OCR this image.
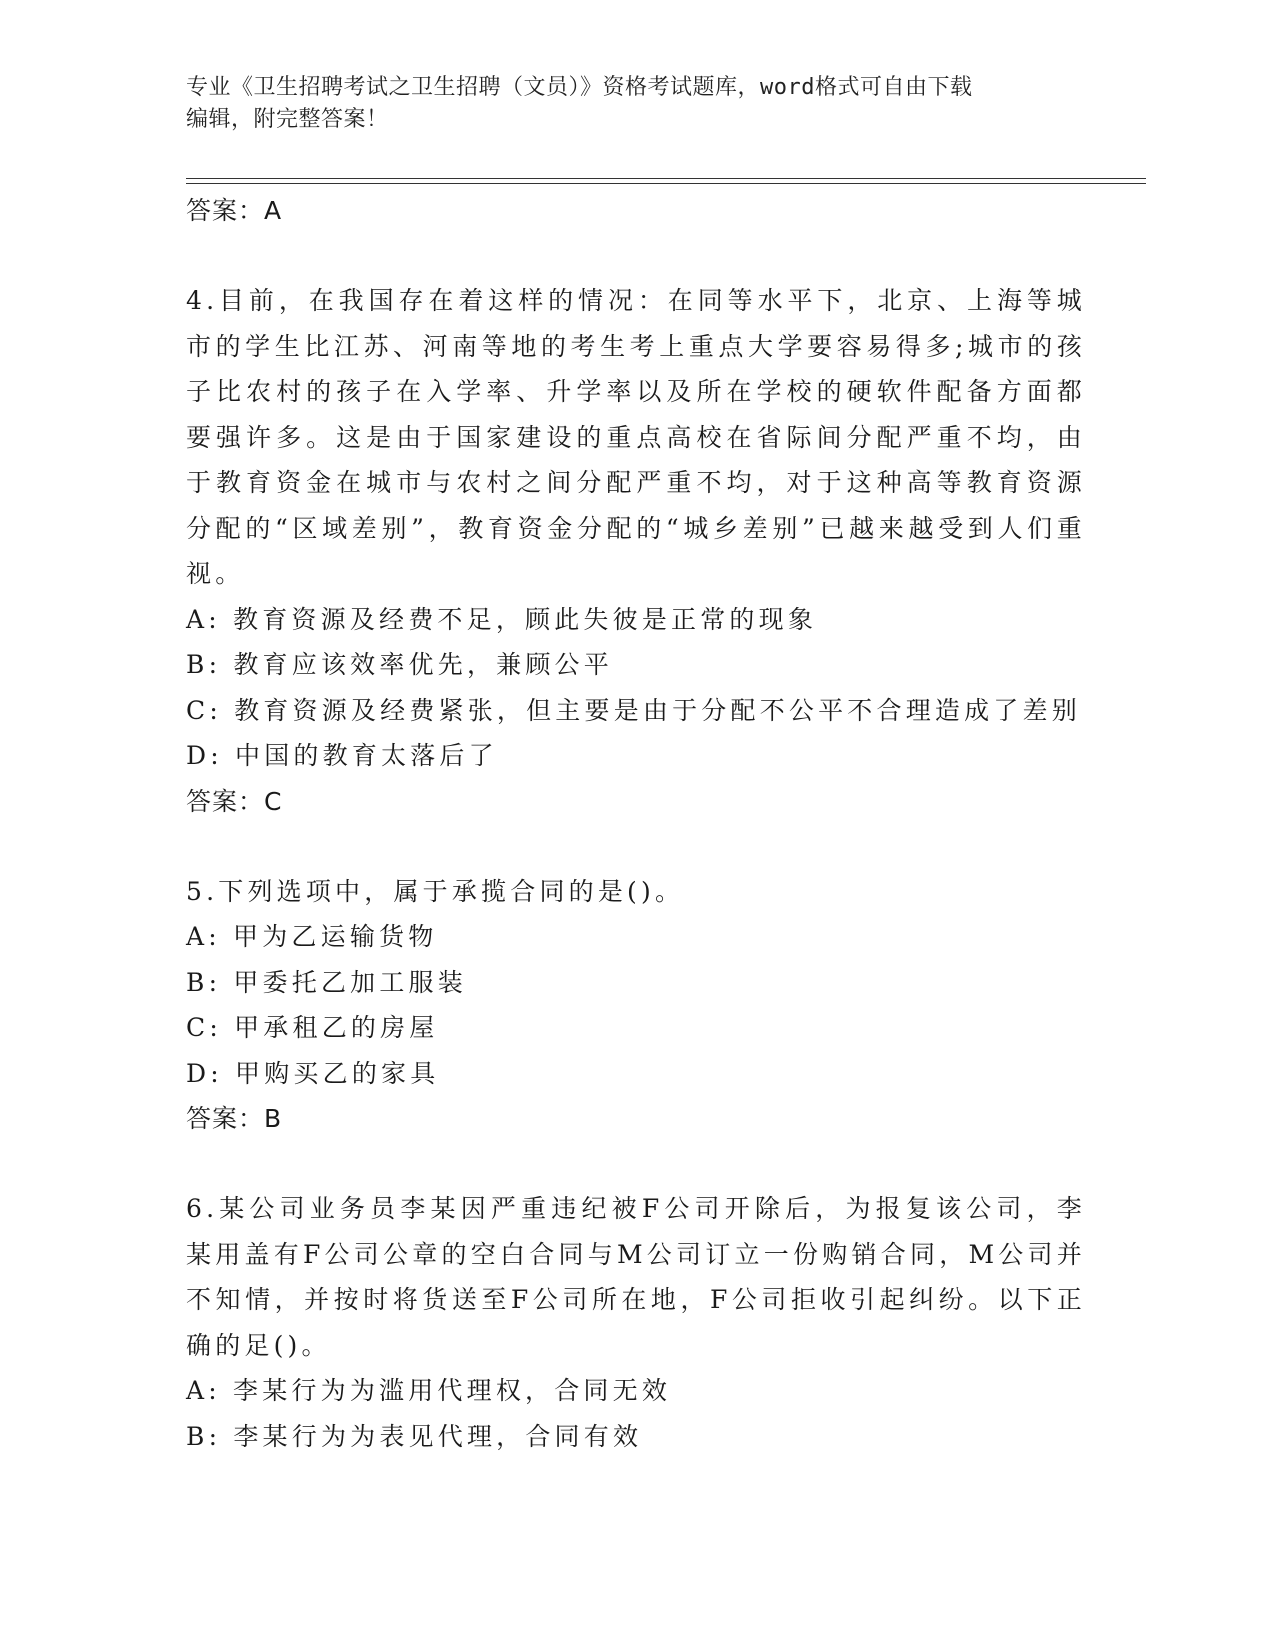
专业《卫生招聘考试之卫生招聘（文员）》资格考试题库，word格式可自由下载
编辑，附完整答案！

答案：A

4.目前，在我国存在着这样的情况：在同等水平下，北京、上海等城市的学生比江苏、河南等地的考生考上重点大学要容易得多;城市的孩子比农村的孩子在入学率、升学率以及所在学校的硬软件配备方面都要强许多。这是由于国家建设的重点高校在省际间分配严重不均，由于教育资金在城市与农村之间分配严重不均，对于这种高等教育资源分配的“区域差别”，教育资金分配的“城乡差别”已越来越受到人们重视。

A: 教育资源及经费不足，顾此失彼是正常的现象

B: 教育应该效率优先，兼顾公平

C: 教育资源及经费紧张，但主要是由于分配不公平不合理造成了差别

D: 中国的教育太落后了

答案：C

5.下列选项中，属于承揽合同的是()。

A: 甲为乙运输货物

B: 甲委托乙加工服装

C: 甲承租乙的房屋

D: 甲购买乙的家具

答案：B

6.某公司业务员李某因严重违纪被F公司开除后，为报复该公司，李某用盖有F公司公章的空白合同与M公司订立一份购销合同，M公司并不知情，并按时将货送至F公司所在地，F公司拒收引起纠纷。以下正确的足()。

A: 李某行为为滥用代理权，合同无效

B: 李某行为为表见代理，合同有效
